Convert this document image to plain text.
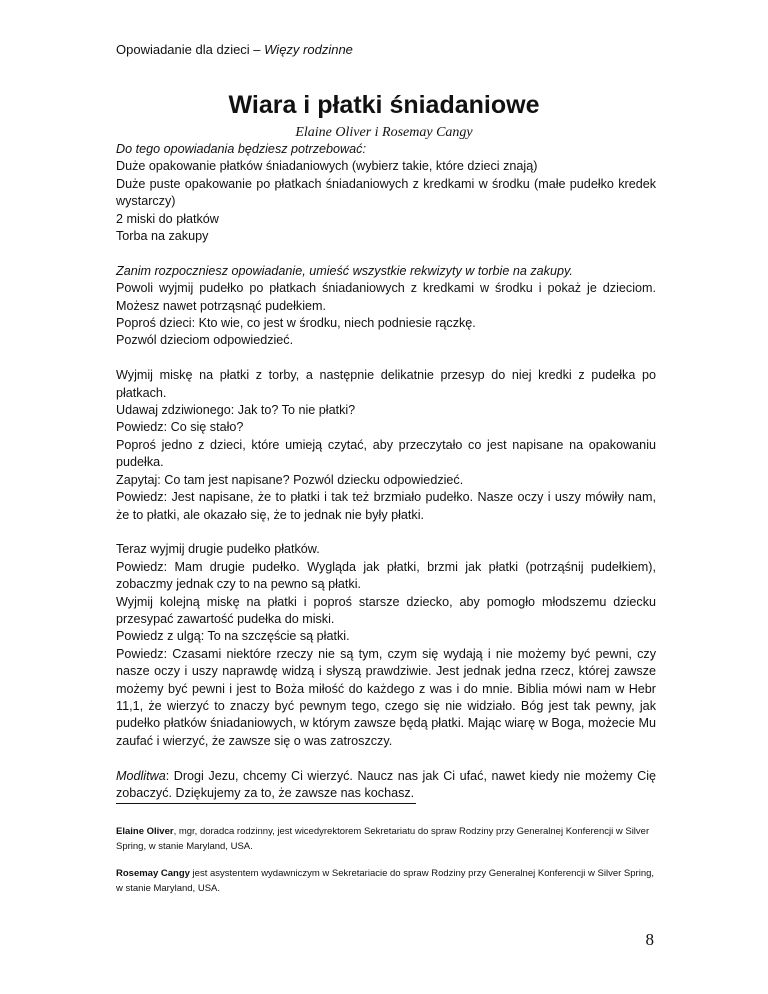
Opowiadanie dla dzieci – Więzy rodzinne
Wiara i płatki śniadaniowe
Elaine Oliver i Rosemay Cangy

Do tego opowiadania będziesz potrzebować:

Duże opakowanie płatków śniadaniowych (wybierz takie, które dzieci znają)

Duże puste opakowanie po płatkach śniadaniowych z kredkami w środku (małe pudełko kredek wystarczy)

2 miski do płatków

Torba na zakupy

Zanim rozpoczniesz opowiadanie, umieść wszystkie rekwizyty w torbie na zakupy.

Powoli wyjmij pudełko po płatkach śniadaniowych z kredkami w środku i pokaż je dzieciom. Możesz nawet potrząsnąć pudełkiem.

Poproś dzieci: Kto wie, co jest w środku, niech podniesie rączkę.

Pozwól dzieciom odpowiedzieć.

Wyjmij miskę na płatki z torby, a następnie delikatnie przesyp do niej kredki z pudełka po płatkach.

Udawaj zdziwionego: Jak to? To nie płatki?

Powiedz: Co się stało?

Poproś jedno z dzieci, które umieją czytać, aby przeczytało co jest napisane na opakowaniu pudełka.

Zapytaj: Co tam jest napisane? Pozwól dziecku odpowiedzieć.

Powiedz: Jest napisane, że to płatki i tak też brzmiało pudełko. Nasze oczy i uszy mówiły nam, że to płatki, ale okazało się, że to jednak nie były płatki.

Teraz wyjmij drugie pudełko płatków.

Powiedz: Mam drugie pudełko. Wygląda jak płatki, brzmi jak płatki (potrząśnij pudełkiem), zobaczmy jednak czy to na pewno są płatki.

Wyjmij kolejną miskę na płatki i poproś starsze dziecko, aby pomogło młodszemu dziecku przesypać zawartość pudełka do miski.

Powiedz z ulgą: To na szczęście są płatki.

Powiedz: Czasami niektóre rzeczy nie są tym, czym się wydają i nie możemy być pewni, czy nasze oczy i uszy naprawdę widzą i słyszą prawdziwie. Jest jednak jedna rzecz, której zawsze możemy być pewni i jest to Boża miłość do każdego z was i do mnie. Biblia mówi nam w Hebr 11,1, że wierzyć to znaczy być pewnym tego, czego się nie widziało. Bóg jest tak pewny, jak pudełko płatków śniadaniowych, w którym zawsze będą płatki. Mając wiarę w Boga, możecie Mu zaufać i wierzyć, że zawsze się o was zatroszczy.

Modlitwa: Drogi Jezu, chcemy Ci wierzyć. Naucz nas jak Ci ufać, nawet kiedy nie możemy Cię zobaczyć. Dziękujemy za to, że zawsze nas kochasz.

Elaine Oliver, mgr, doradca rodzinny, jest wicedyrektorem Sekretariatu do spraw Rodziny przy Generalnej Konferencji w Silver Spring, w stanie Maryland, USA.

Rosemay Cangy jest asystentem wydawniczym w Sekretariacie do spraw Rodziny przy Generalnej Konferencji w Silver Spring, w stanie Maryland, USA.

8
